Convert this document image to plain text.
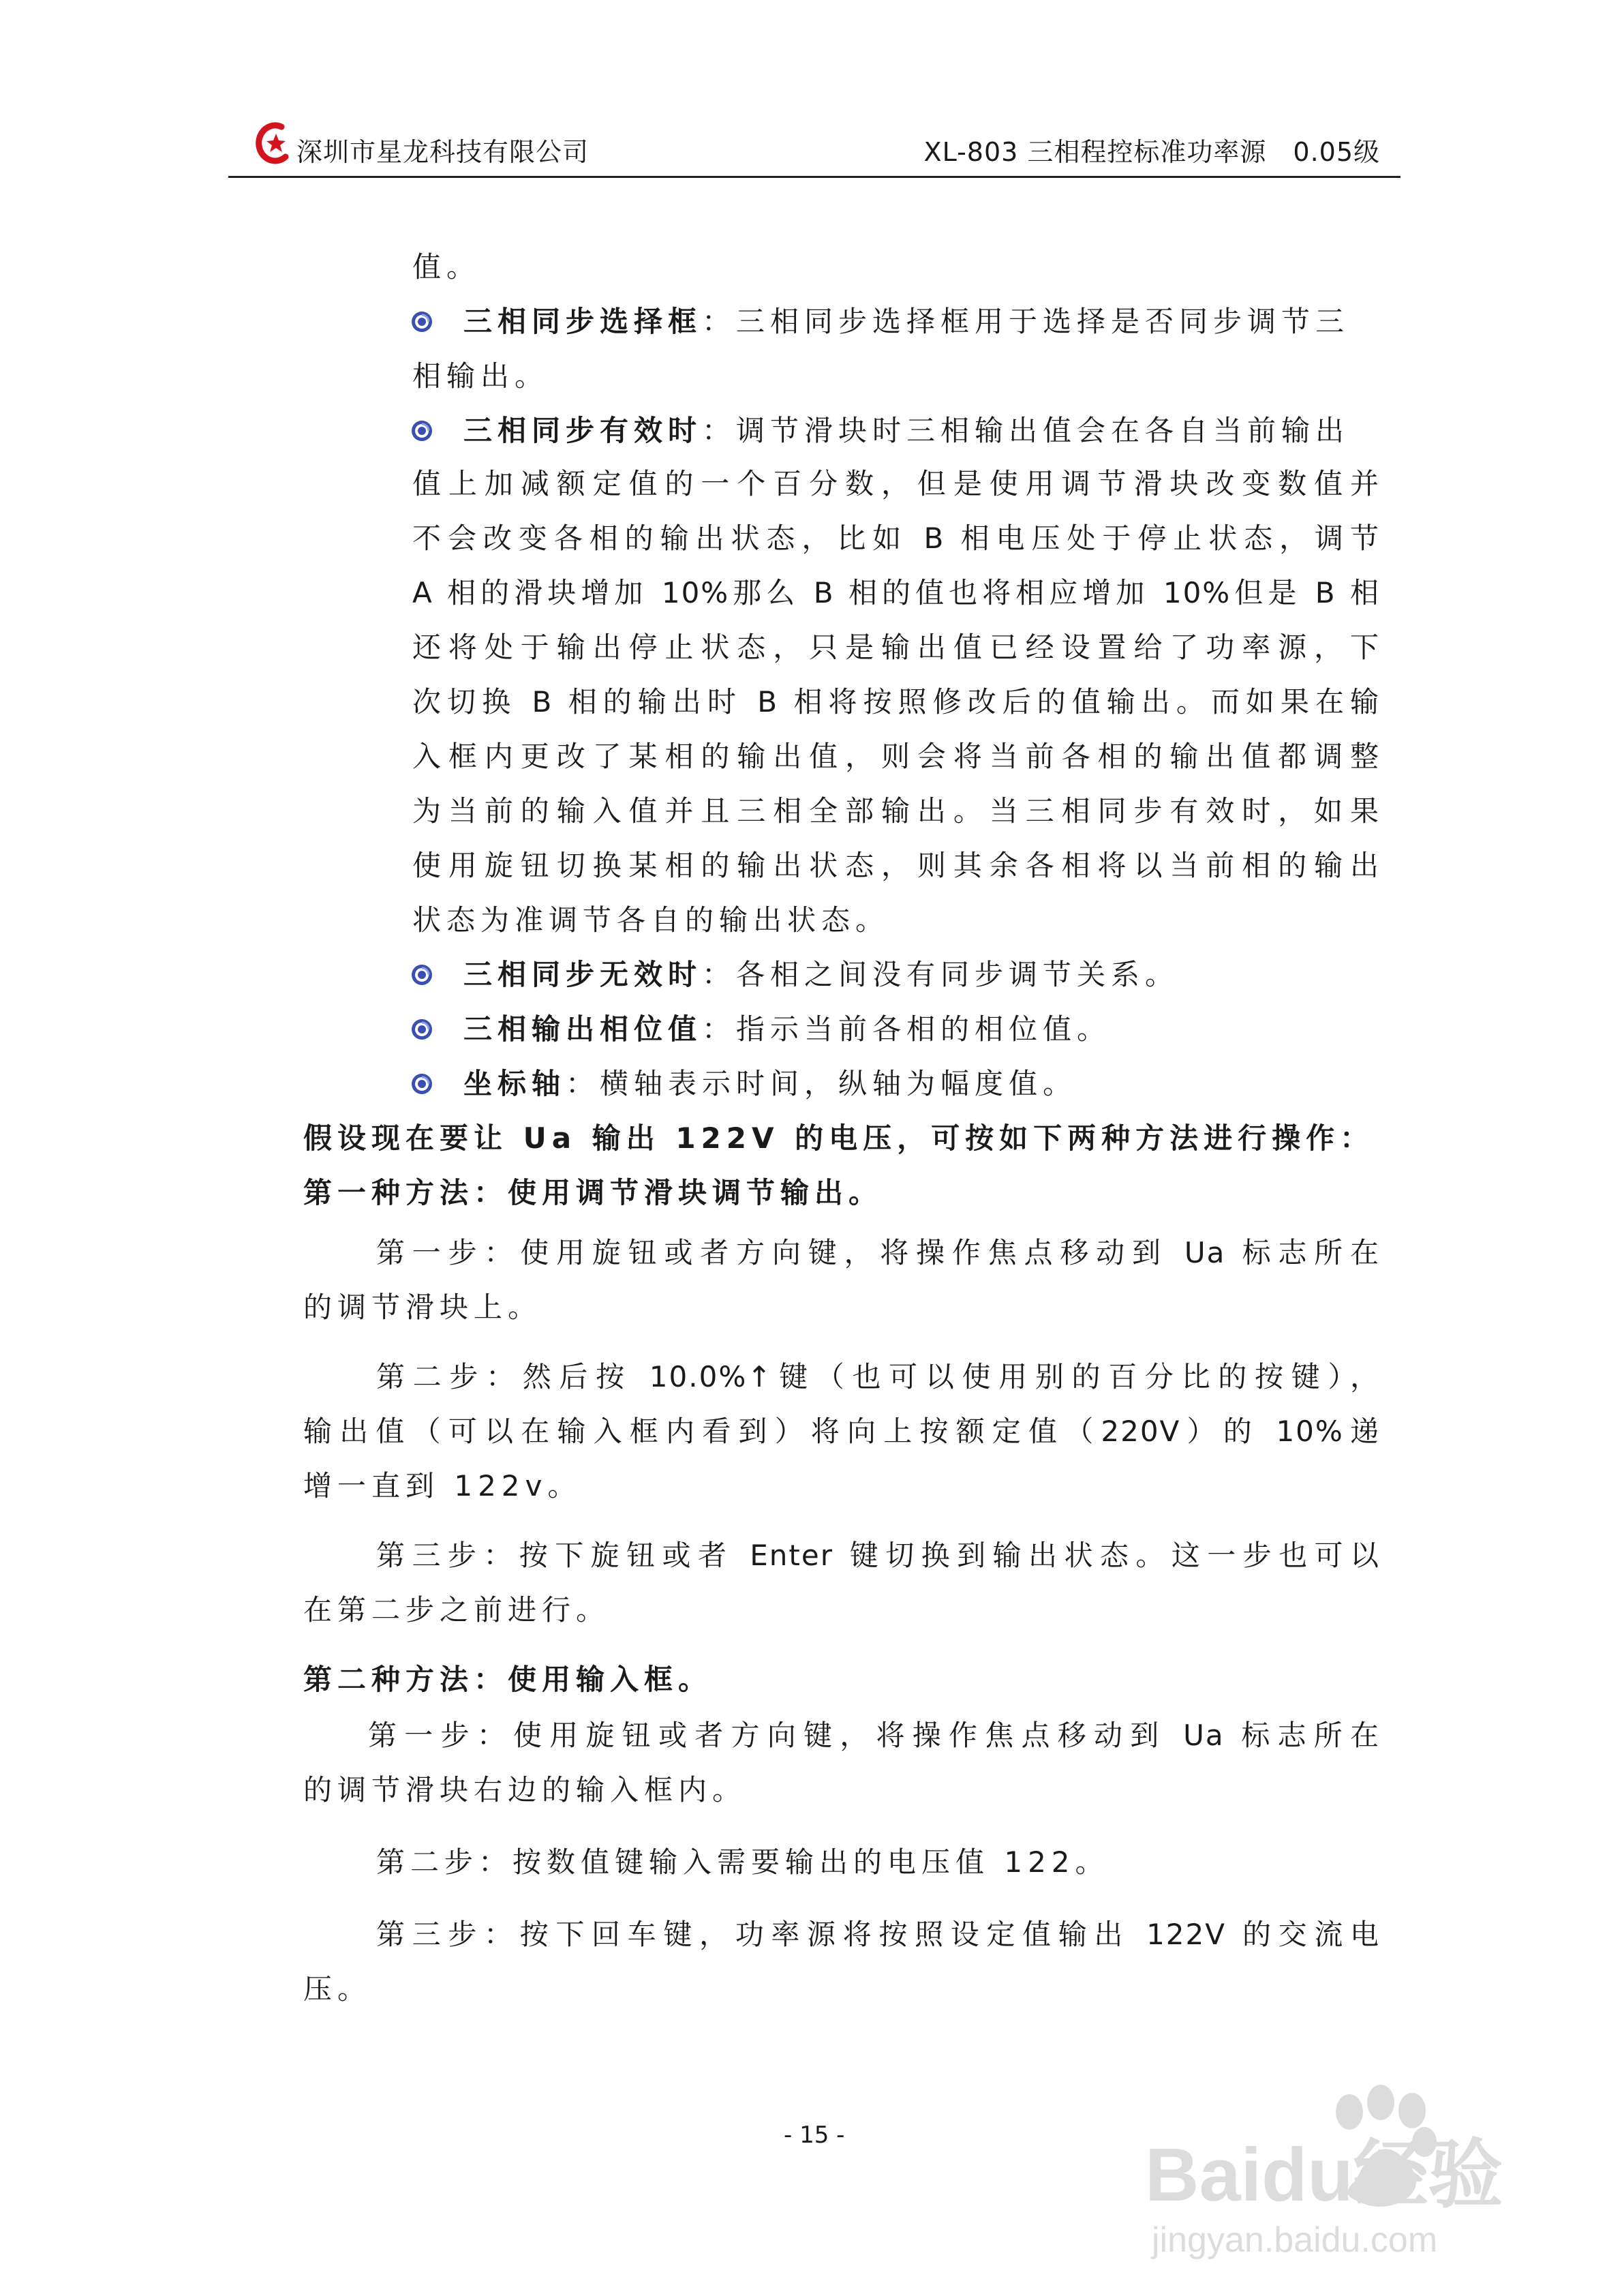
深圳市星龙科技有限公司	XL-803 三相程控标准功率源　0.05级
值。
三相同步选择框：三相同步选择框用于选择是否同步调节三
相输出。
三相同步有效时：调节滑块时三相输出值会在各自当前输出
值上加减额定值的一个百分数，但是使用调节滑块改变数值并
不会改变各相的输出状态，比如 B 相电压处于停止状态，调节
A 相的滑块增加 10%那么 B 相的值也将相应增加 10%但是 B 相
还将处于输出停止状态，只是输出值已经设置给了功率源，下
次切换 B 相的输出时 B 相将按照修改后的值输出。而如果在输
入框内更改了某相的输出值，则会将当前各相的输出值都调整
为当前的输入值并且三相全部输出。当三相同步有效时，如果
使用旋钮切换某相的输出状态，则其余各相将以当前相的输出
状态为准调节各自的输出状态。
三相同步无效时：各相之间没有同步调节关系。
三相输出相位值：指示当前各相的相位值。
坐标轴：横轴表示时间，纵轴为幅度值。
假设现在要让 Ua 输出 122V 的电压，可按如下两种方法进行操作：
第一种方法：使用调节滑块调节输出。
第一步：使用旋钮或者方向键，将操作焦点移动到 Ua 标志所在
的调节滑块上。
第二步：然后按 10.0%↑键（也可以使用别的百分比的按键），
输出值（可以在输入框内看到）将向上按额定值（220V）的 10%递
增一直到 122v。
第三步：按下旋钮或者 Enter 键切换到输出状态。这一步也可以
在第二步之前进行。
第二种方法：使用输入框。
第一步：使用旋钮或者方向键，将操作焦点移动到 Ua 标志所在
的调节滑块右边的输入框内。
第二步：按数值键输入需要输出的电压值 122。
第三步：按下回车键，功率源将按照设定值输出 122V 的交流电
压。
- 15 -	Baidu经验
jingyan.baidu.com
